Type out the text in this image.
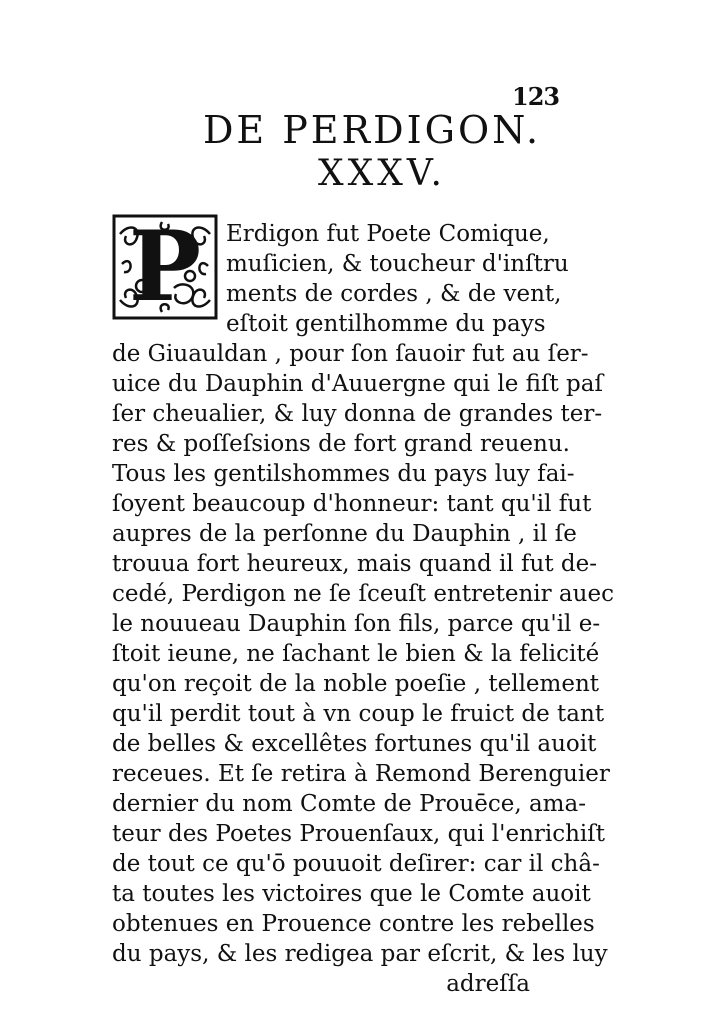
123
DE PERDIGON.
XXXV.
P Erdigon fut Poete Comique,
muſicien, & toucheur d'inſtru
ments de cordes , & de vent,
eſtoit gentilhomme du pays
de Giuauldan , pour ſon ſauoir fut au ſer-
uice du Dauphin d'Auuergne qui le fiſt paſ
ſer cheualier, & luy donna de grandes ter-
res & poſſeſsions de fort grand reuenu.
Tous les gentilshommes du pays luy fai-
ſoyent beaucoup d'honneur: tant qu'il fut
aupres de la perſonne du Dauphin , il ſe
trouua fort heureux, mais quand il fut de-
cedé, Perdigon ne ſe ſceuſt entretenir auec
le nouueau Dauphin ſon fils, parce qu'il e-
ſtoit ieune, ne ſachant le bien & la felicité
qu'on reçoit de la noble poeſie , tellement
qu'il perdit tout à vn coup le fruict de tant
de belles & excellêtes fortunes qu'il auoit
receues. Et ſe retira à Remond Berenguier
dernier du nom Comte de Prouēce, ama-
teur des Poetes Prouenſaux, qui l'enrichiſt
de tout ce qu'ō pouuoit deſirer: car il châ-
ta toutes les victoires que le Comte auoit
obtenues en Prouence contre les rebelles
du pays, & les redigea par eſcrit, & les luy
adreſſa
